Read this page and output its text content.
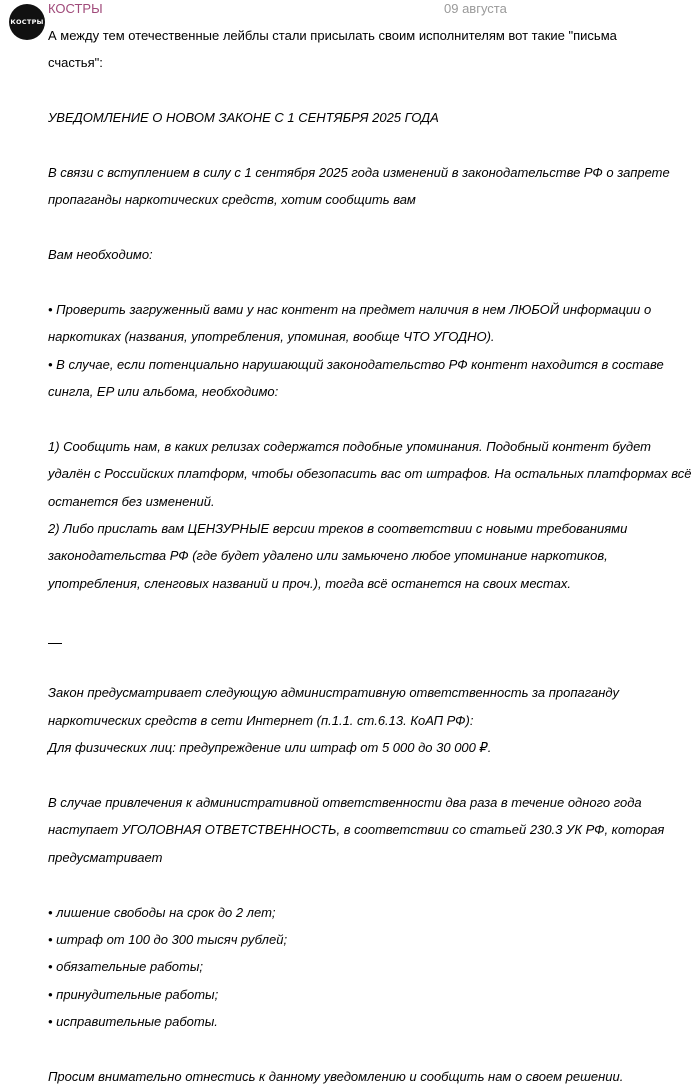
КОСТРЫ
КОСТРЫ	09 августа

А между тем отечественные лейблы стали присылать своим исполнителям вот такие "письма

счастья":

УВЕДОМЛЕНИЕ О НОВОМ ЗАКОНЕ С 1 СЕНТЯБРЯ 2025 ГОДА

В связи с вступлением в силу с 1 сентября 2025 года изменений в законодательстве РФ о запрете

пропаганды наркотических средств, хотим сообщить вам

Вам необходимо:

• Проверить загруженный вами у нас контент на предмет наличия в нем ЛЮБОЙ информации о

наркотиках (названия, употребления, упоминая, вообще ЧТО УГОДНО).

• В случае, если потенциально нарушающий законодательство РФ контент находится в составе

сингла, EP или альбома, необходимо:

1) Сообщить нам, в каких релизах содержатся подобные упоминания. Подобный контент будет

удалён с Российских платформ, чтобы обезопасить вас от штрафов. На остальных платформах всё

останется без изменений.

2) Либо прислать вам ЦЕНЗУРНЫЕ версии треков в соответствии с новыми требованиями

законодательства РФ (где будет удалено или замьючено любое упоминание наркотиков,

употребления, сленговых названий и проч.), тогда всё останется на своих местах.

Закон предусматривает следующую административную ответственность за пропаганду

наркотических средств в сети Интернет (п.1.1. ст.6.13. КоАП РФ):

Для физических лиц: предупреждение или штраф от 5 000 до 30 000 ₽.

В случае привлечения к административной ответственности два раза в течение одного года

наступает УГОЛОВНАЯ ОТВЕТСТВЕННОСТЬ, в соответствии со статьей 230.3 УК РФ, которая

предусматривает

• лишение свободы на срок до 2 лет;

• штраф от 100 до 300 тысяч рублей;

• обязательные работы;

• принудительные работы;

• исправительные работы.

Просим внимательно отнестись к данному уведомлению и сообщить нам о своем решении.
